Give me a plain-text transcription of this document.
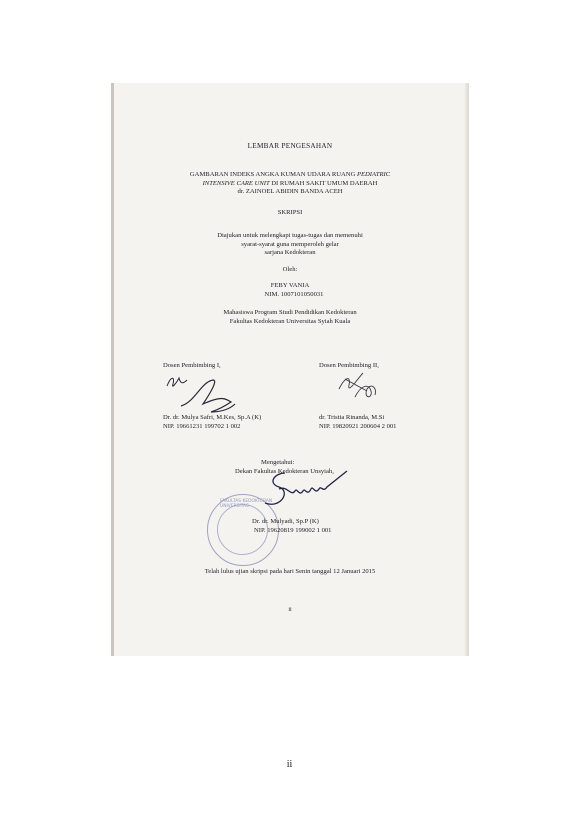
LEMBAR PENGESAHAN
GAMBARAN INDEKS ANGKA KUMAN UDARA RUANG PEDIATRIC
INTENSIVE CARE UNIT DI RUMAH SAKIT UMUM DAERAH
dr. ZAINOEL ABIDIN BANDA ACEH
SKRIPSI
Diajukan untuk melengkapi tugas-tugas dan memenuhi
syarat-syarat guna memperoleh gelar
sarjana Kedokteran
Oleh:
FEBY VANIA
NIM. 1007101050031
Mahasiswa Program Studi Pendidikan Kedokteran
Fakultas Kedokteran Universitas Syiah Kuala
Dosen Pembimbing I,	Dosen Pembimbing II,
Dr. dr. Mulya Safri, M.Kes, Sp.A (K)
NIP. 19661231 199702 1 002
dr. Tristia Rinanda, M.Si
NIP. 19820921 200604 2 001
FAKULTAS KEDOKTERAN UNIVERSITAS
Mengetahui:
Dekan Fakultas Kedokteran Unsyiah,
Dr. dr. Mulyadi, Sp.P (K)
NIP. 19620819 199002 1 001
Telah lulus ujian skripsi pada hari Senin tanggal 12 Januari 2015
ii
ii
